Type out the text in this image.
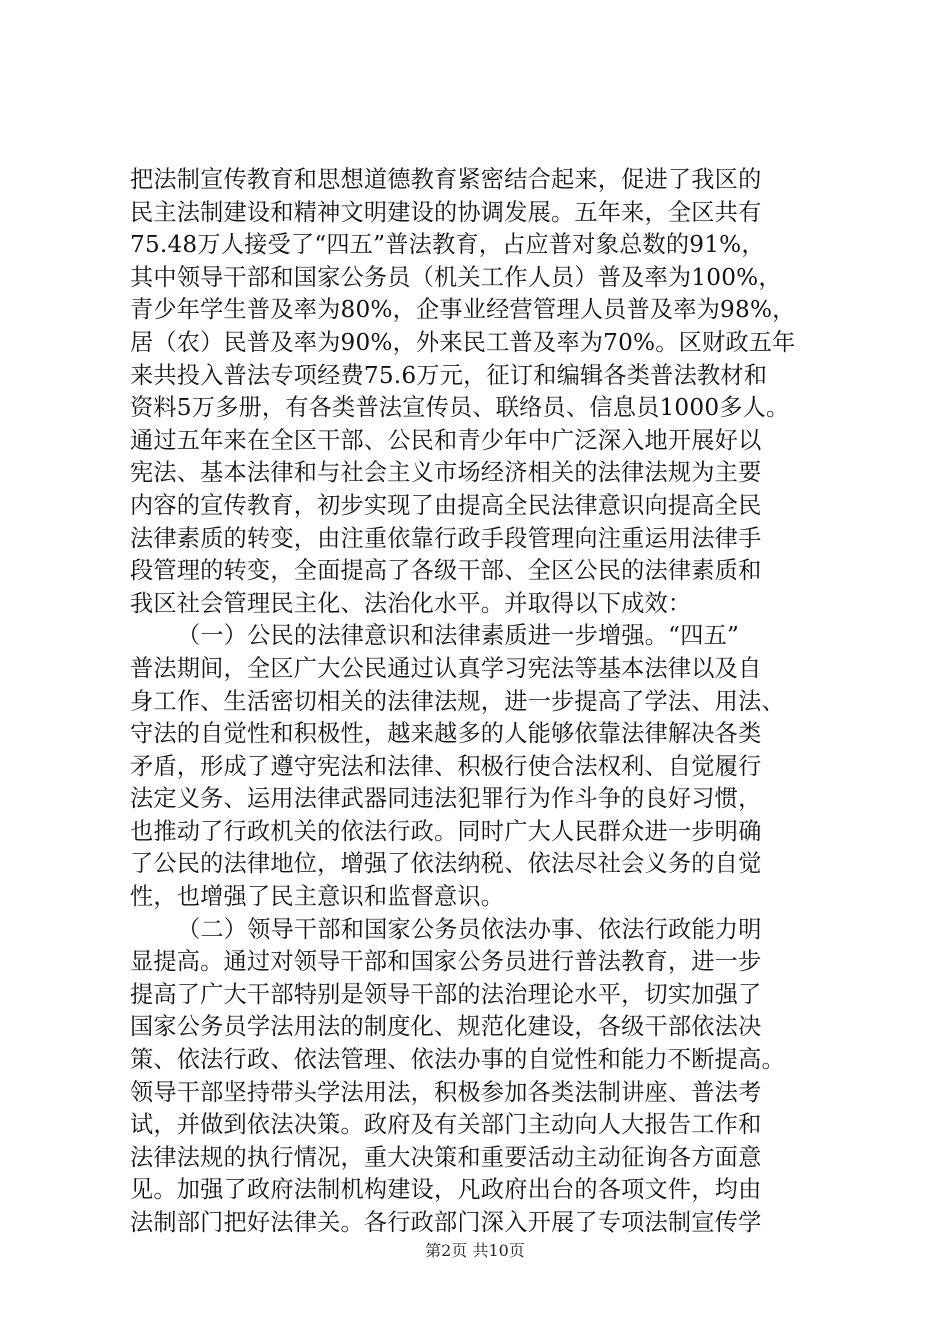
把法制宣传教育和思想道德教育紧密结合起来，促进了我区的
民主法制建设和精神文明建设的协调发展。五年来，全区共有
75.48万人接受了“四五”普法教育，占应普对象总数的91%，
其中领导干部和国家公务员（机关工作人员）普及率为100%，
青少年学生普及率为80%，企事业经营管理人员普及率为98%，
居（农）民普及率为90%，外来民工普及率为70%。区财政五年
来共投入普法专项经费75.6万元，征订和编辑各类普法教材和
资料5万多册，有各类普法宣传员、联络员、信息员1000多人。
通过五年来在全区干部、公民和青少年中广泛深入地开展好以
宪法、基本法律和与社会主义市场经济相关的法律法规为主要
内容的宣传教育，初步实现了由提高全民法律意识向提高全民
法律素质的转变，由注重依靠行政手段管理向注重运用法律手
段管理的转变，全面提高了各级干部、全区公民的法律素质和
我区社会管理民主化、法治化水平。并取得以下成效：
（一）公民的法律意识和法律素质进一步增强。“四五”
普法期间，全区广大公民通过认真学习宪法等基本法律以及自
身工作、生活密切相关的法律法规，进一步提高了学法、用法、
守法的自觉性和积极性，越来越多的人能够依靠法律解决各类
矛盾，形成了遵守宪法和法律、积极行使合法权利、自觉履行
法定义务、运用法律武器同违法犯罪行为作斗争的良好习惯，
也推动了行政机关的依法行政。同时广大人民群众进一步明确
了公民的法律地位，增强了依法纳税、依法尽社会义务的自觉
性，也增强了民主意识和监督意识。
（二）领导干部和国家公务员依法办事、依法行政能力明
显提高。通过对领导干部和国家公务员进行普法教育，进一步
提高了广大干部特别是领导干部的法治理论水平，切实加强了
国家公务员学法用法的制度化、规范化建设，各级干部依法决
策、依法行政、依法管理、依法办事的自觉性和能力不断提高。
领导干部坚持带头学法用法，积极参加各类法制讲座、普法考
试，并做到依法决策。政府及有关部门主动向人大报告工作和
法律法规的执行情况，重大决策和重要活动主动征询各方面意
见。加强了政府法制机构建设，凡政府出台的各项文件，均由
法制部门把好法律关。各行政部门深入开展了专项法制宣传学
第2页 共10页
